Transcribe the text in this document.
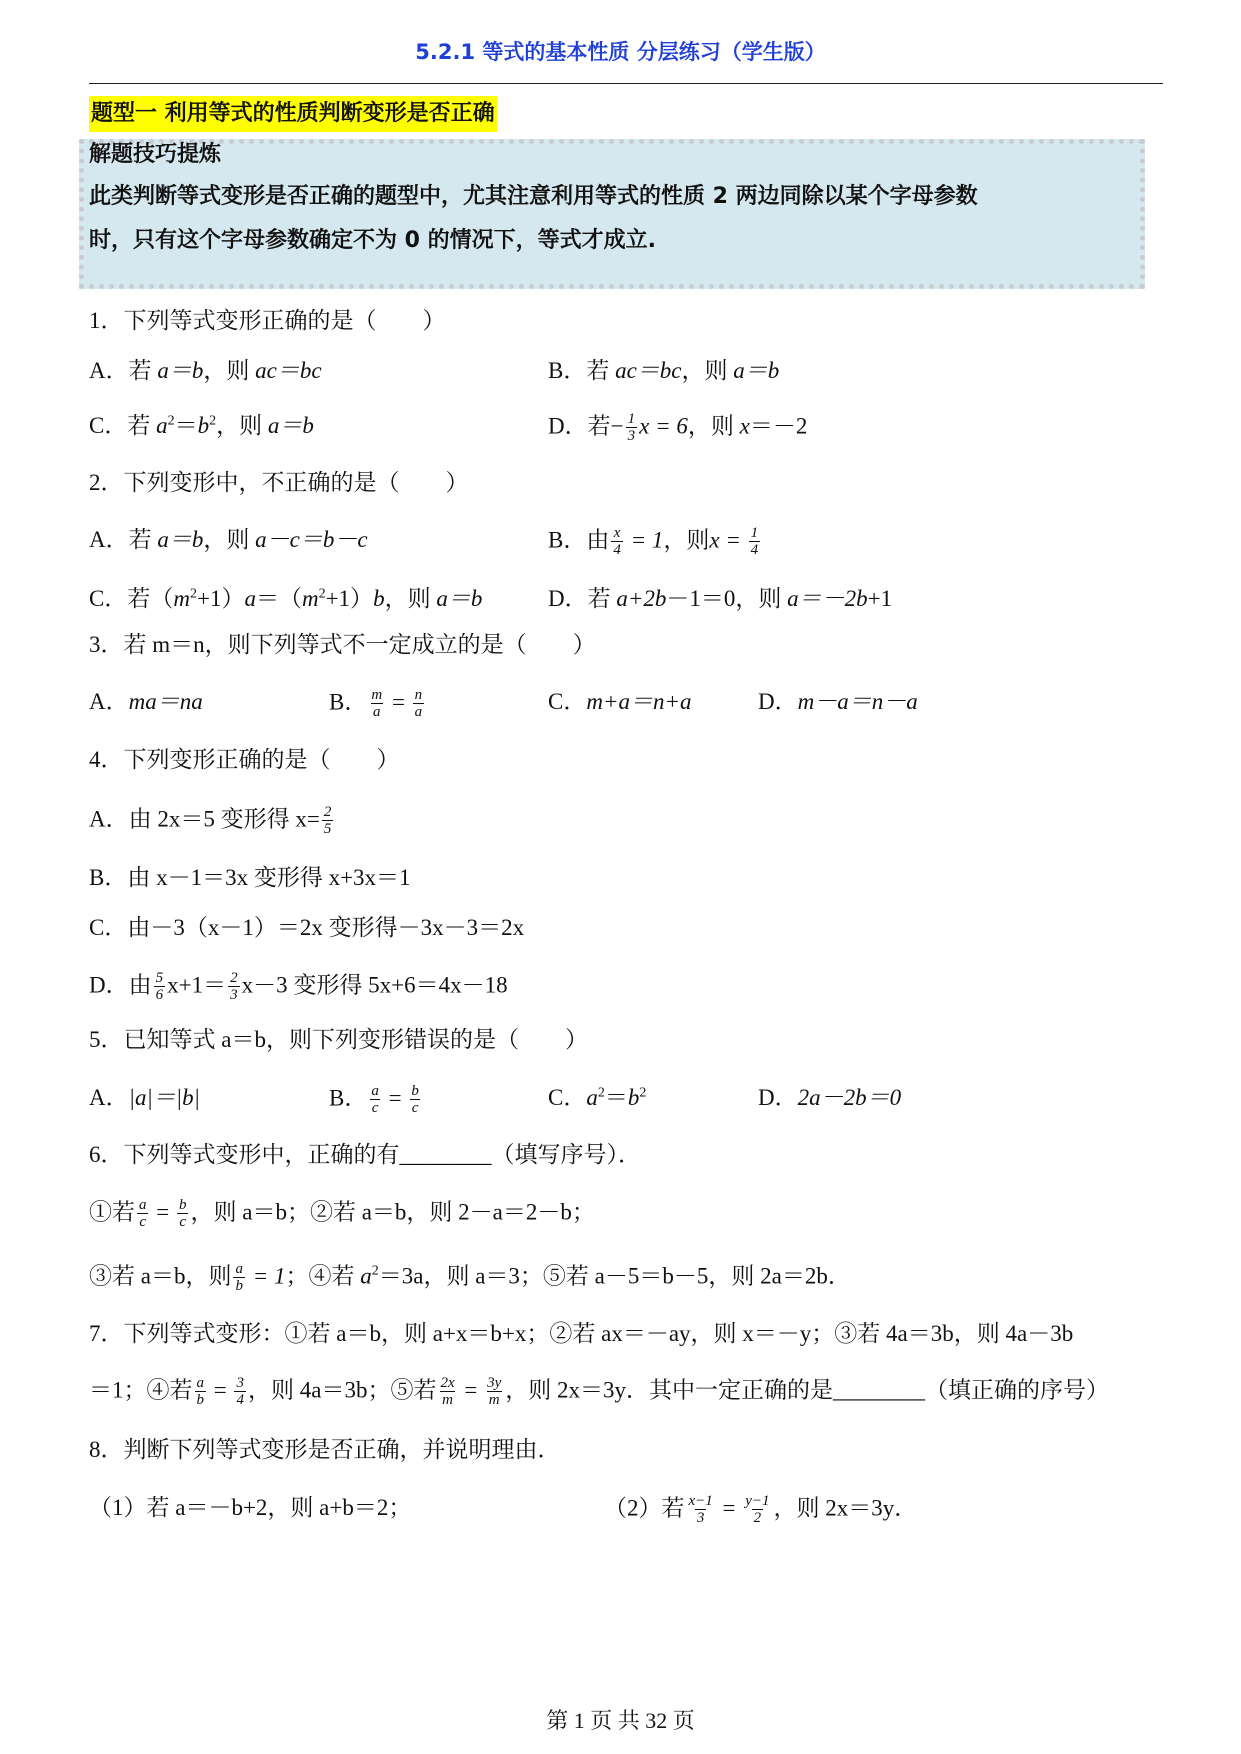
5.2.1 等式的基本性质 分层练习（学生版）
题型一 利用等式的性质判断变形是否正确
解题技巧提炼
此类判断等式变形是否正确的题型中，尤其注意利用等式的性质 2 两边同除以某个字母参数
时，只有这个字母参数确定不为 0 的情况下，等式才成立.
1．下列等式变形正确的是（　　）
A．若 a＝b，则 ac＝bc	B．若 ac＝bc，则 a＝b
C．若 $a^2=b^2$，则 a＝b	D．若− $\frac{1}{3}$ x = 6，则 x＝－2
2．下列变形中，不正确的是（　　）
A．若 a＝b，则 a－c＝b－c	B．由 $\frac{x}{4} = 1$，则$x = \frac{1}{4}$
C．若$(m^2+1)a=(m^2+1)b$，则 a＝b	D．若 a+2b－1＝0，则 a＝－2b+1
3．若 m＝n，则下列等式不一定成立的是（　　）
A．ma＝na	B． $\frac{m}{a} = \frac{n}{a}$	C．m+a＝n+a	D．m－a＝n－a
4．下列变形正确的是（　　）
A．由 2x＝5 变形得 $x= \frac{2}{5}$
B．由 x－1＝3x 变形得 x+3x＝1
C．由－3（x－1）＝2x 变形得－3x－3＝2x
D．由 $\frac{5}{6} x+1= \frac{2}{3} x-3$ 变形得 5x+6＝4x－18
5．已知等式 a＝b，则下列变形错误的是（　　）
A．|a|＝|b|	B． $\frac{a}{c} = \frac{b}{c}$	C．$a^2=b^2$	D．2a－2b＝0
6．下列等式变形中，正确的有________（填写序号）．
①若 $\frac{a}{c} = \frac{b}{c}$ ，则 a＝b；②若 a＝b，则 2－a＝2－b；
③若 a＝b，则 $\frac{a}{b} = 1$；④若 $a^2=3a$，则 a＝3；⑤若 a－5＝b－5，则 2a＝2b．
7．下列等式变形：①若 a＝b，则 a+x＝b+x；②若 ax＝－ay，则 x＝－y；③若 4a＝3b，则 4a－3b
＝1；④若 $\frac{a}{b} = \frac{3}{4}$ ，则 4a＝3b；⑤若 $\frac{2x}{m} = \frac{3y}{m}$ ，则 2x＝3y．其中一定正确的是________（填正确的序号）
8．判断下列等式变形是否正确，并说明理由．
（1）若 a＝－b+2，则 a+b＝2；	（2）若 $\frac{x-1}{3} = \frac{y-1}{2}$ ，则 2x＝3y．
第 1 页 共 32 页
